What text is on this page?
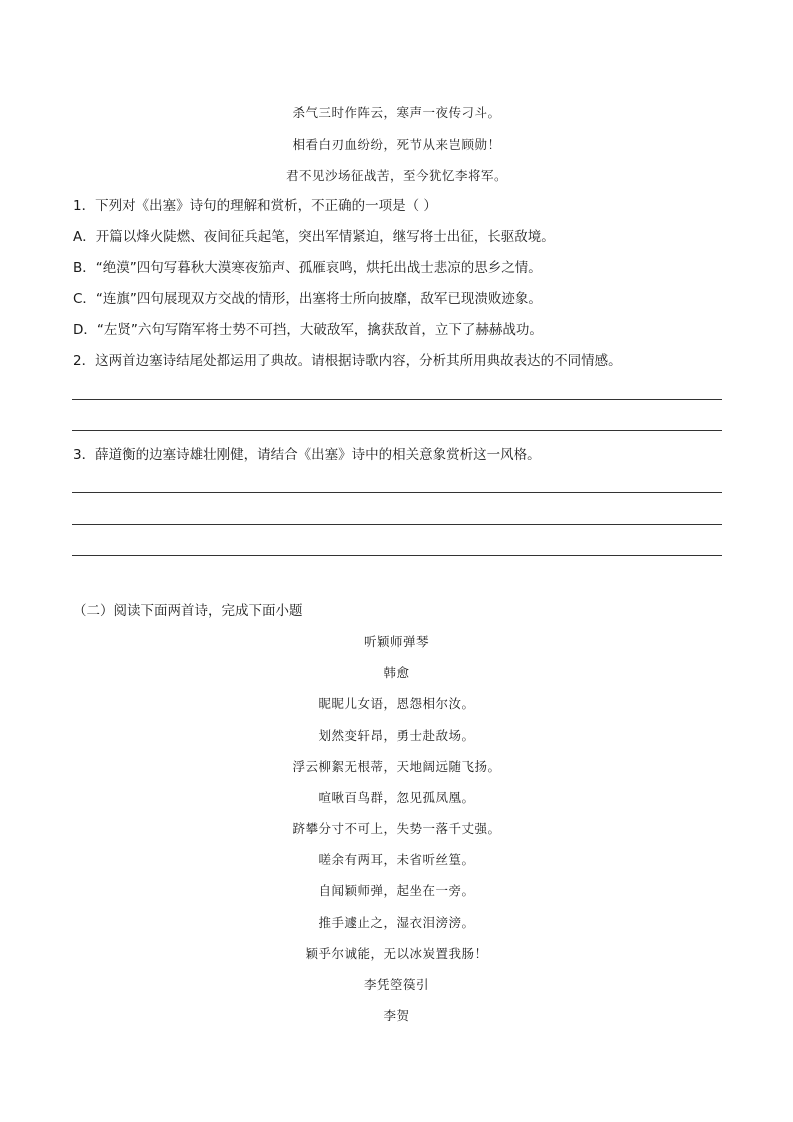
杀气三时作阵云，寒声一夜传刁斗。
相看白刃血纷纷，死节从来岂顾勋！
君不见沙场征战苦，至今犹忆李将军。
1．下列对《出塞》诗句的理解和赏析，不正确的一项是（ ）
A．开篇以烽火陡燃、夜间征兵起笔，突出军情紧迫，继写将士出征，长驱敌境。
B．“绝漠”四句写暮秋大漠寒夜笳声、孤雁哀鸣，烘托出战士悲凉的思乡之情。
C．“连旗”四句展现双方交战的情形，出塞将士所向披靡，敌军已现溃败迹象。
D．“左贤”六句写隋军将士势不可挡，大破敌军，擒获敌首，立下了赫赫战功。
2．这两首边塞诗结尾处都运用了典故。请根据诗歌内容，分析其所用典故表达的不同情感。
3．薛道衡的边塞诗雄壮刚健，请结合《出塞》诗中的相关意象赏析这一风格。
（二）阅读下面两首诗，完成下面小题
听颖师弹琴
韩愈
昵昵儿女语，恩怨相尔汝。
划然变轩昂，勇士赴敌场。
浮云柳絮无根蒂，天地阔远随飞扬。
喧啾百鸟群，忽见孤凤凰。
跻攀分寸不可上，失势一落千丈强。
嗟余有两耳，未省听丝篁。
自闻颖师弹，起坐在一旁。
推手遽止之，湿衣泪滂滂。
颖乎尔诚能，无以冰炭置我肠！
李凭箜篌引
李贺
